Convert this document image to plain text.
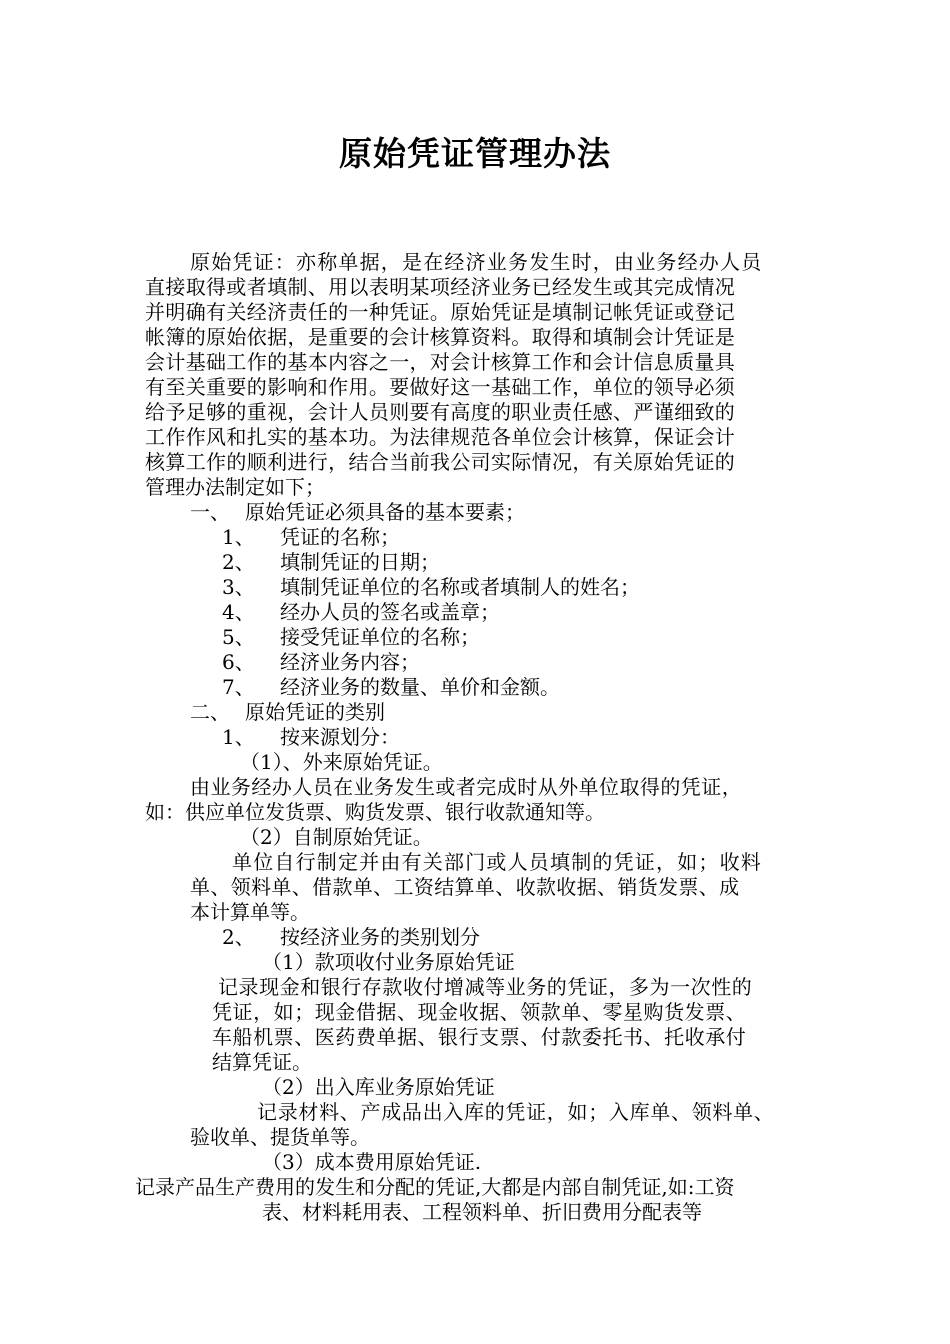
原始凭证管理办法
原始凭证：亦称单据，是在经济业务发生时，由业务经办人员
直接取得或者填制、用以表明某项经济业务已经发生或其完成情况
并明确有关经济责任的一种凭证。原始凭证是填制记帐凭证或登记
帐簿的原始依据，是重要的会计核算资料。取得和填制会计凭证是
会计基础工作的基本内容之一，对会计核算工作和会计信息质量具
有至关重要的影响和作用。要做好这一基础工作，单位的领导必须
给予足够的重视，会计人员则要有高度的职业责任感、严谨细致的
工作作风和扎实的基本功。为法律规范各单位会计核算，保证会计
核算工作的顺利进行，结合当前我公司实际情况，有关原始凭证的
管理办法制定如下；
一、 原始凭证必须具备的基本要素；
1、 凭证的名称；
2、 填制凭证的日期；
3、 填制凭证单位的名称或者填制人的姓名；
4、 经办人员的签名或盖章；
5、 接受凭证单位的名称；
6、 经济业务内容；
7、 经济业务的数量、单价和金额。
二、 原始凭证的类别
1、 按来源划分：
（1）、外来原始凭证。
由业务经办人员在业务发生或者完成时从外单位取得的凭证，
如：供应单位发货票、购货发票、银行收款通知等。
（2）自制原始凭证。
单位自行制定并由有关部门或人员填制的凭证，如；收料
单、领料单、借款单、工资结算单、收款收据、销货发票、成
本计算单等。
2、 按经济业务的类别划分
（1）款项收付业务原始凭证
记录现金和银行存款收付增减等业务的凭证，多为一次性的
凭证，如；现金借据、现金收据、领款单、零星购货发票、
车船机票、医药费单据、银行支票、付款委托书、托收承付
结算凭证。
（2）出入库业务原始凭证
记录材料、产成品出入库的凭证，如；入库单、领料单、
验收单、提货单等。
（3）成本费用原始凭证.
记录产品生产费用的发生和分配的凭证,大都是内部自制凭证,如:工资
表、材料耗用表、工程领料单、折旧费用分配表等
